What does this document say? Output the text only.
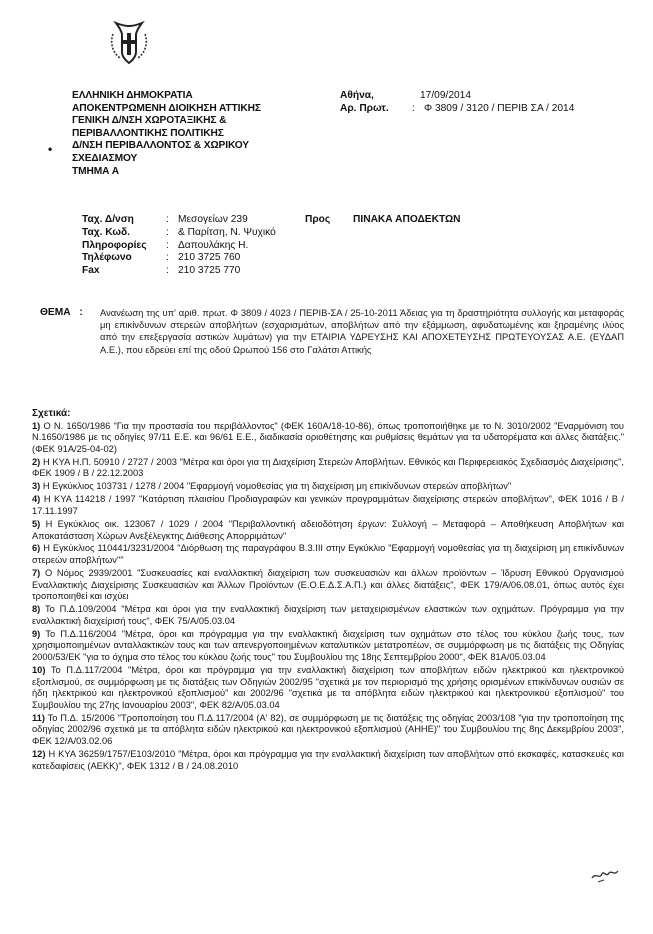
ΕΛΛΗΝΙΚΗ ΔΗΜΟΚΡΑΤΙΑ
ΑΠΟΚΕΝΤΡΩΜΕΝΗ ΔΙΟΙΚΗΣΗ ΑΤΤΙΚΗΣ
ΓΕΝΙΚΗ Δ/ΝΣΗ ΧΩΡΟΤΑΞΙΚΗΣ &
ΠΕΡΙΒΑΛΛΟΝΤΙΚΗΣ ΠΟΛΙΤΙΚΗΣ
Δ/ΝΣΗ ΠΕΡΙΒΑΛΛΟΝΤΟΣ & ΧΩΡΙΚΟΥ
ΣΧΕΔΙΑΣΜΟΥ
ΤΜΗΜΑ Α
•
Αθήνα,	17/09/2014
Αρ. Πρωτ.	: Φ 3809 / 3120 / ΠΕΡΙΒ ΣΑ / 2014
Ταχ. Δ/νση	: Μεσογείων 239
Ταχ. Κωδ.	: & Παρίτση, Ν. Ψυχικό
Πληροφορίες	: Δαπουλάκης Η.
Τηλέφωνο	: 210 3725 760
Fax	: 210 3725 770
Προς ΠΙΝΑΚΑ ΑΠΟΔΕΚΤΩΝ
ΘΕΜΑ : Ανανέωση της υπ' αριθ. πρωτ. Φ 3809 / 4023 / ΠΕΡΙΒ-ΣΑ / 25-10-2011 Άδειας για τη δραστηριότητα συλλογής και μεταφοράς μη επικίνδυνων στερεών αποβλήτων (εσχαρισμάτων, αποβλήτων από την εξάμμωση, αφυδατωμένης και ξηραμένης ιλύος από την επεξεργασία αστικών λυμάτων) για την ΕΤΑΙΡΙΑ ΥΔΡΕΥΣΗΣ ΚΑΙ ΑΠΟΧΕΤΕΥΣΗΣ ΠΡΩΤΕΥΟΥΣΑΣ Α.Ε. (ΕΥΔΑΠ Α.Ε.), που εδρεύει επί της οδού Ωρωπού 156 στο Γαλάτσι Αττικής
Σχετικά:
1) Ο Ν. 1650/1986 "Για την προστασία του περιβάλλοντος" (ΦΕΚ 160Α/18-10-86), όπως τροποποιήθηκε με το Ν. 3010/2002 "Εναρμόνιση του Ν.1650/1986 με τις οδηγίες 97/11 Ε.Ε. και 96/61 Ε.Ε., διαδικασία οριοθέτησης και ρυθμίσεις θεμάτων για τα υδατορέματα και άλλες διατάξεις." (ΦΕΚ 91Α/25-04-02)
2) Η ΚΥΑ Η.Π. 50910 / 2727 / 2003 "Μέτρα και όροι για τη Διαχείριση Στερεών Αποβλήτων. Εθνικός και Περιφερειακός Σχεδιασμός Διαχείρισης", ΦΕΚ 1909 / Β / 22.12.2003
3) Η Εγκύκλιος 103731 / 1278 / 2004 "Εφαρμογή νομοθεσίας για τη διαχείριση μη επικίνδυνων στερεών αποβλήτων"
4) Η ΚΥΑ 114218 / 1997 "Κατάρτιση πλαισίου Προδιαγραφών και γενικών προγραμμάτων διαχείρισης στερεών αποβλήτων", ΦΕΚ 1016 / Β / 17.11.1997
5) Η Εγκύκλιος οικ. 123067 / 1029 / 2004 "Περιβαλλοντική αδειοδότηση έργων: Συλλογή – Μεταφορά – Αποθήκευση Αποβλήτων και Αποκατάσταση Χώρων Ανεξέλεγκτης Διάθεσης Απορριμάτων"
6) Η Εγκύκλιος 110441/3231/2004 "Διόρθωση της παραγράφου Β.3.ΙΙΙ στην Εγκύκλιο "Εφαρμογή νομοθεσίας για τη διαχείριση μη επικίνδυνων στερεών αποβλήτων""
7) Ο Νόμος 2939/2001 "Συσκευασίες και εναλλακτική διαχείριση των συσκευασιών και άλλων προϊόντων – Ίδρυση Εθνικού Οργανισμού Εναλλακτικής Διαχείρισης Συσκευασιών και Άλλων Προϊόντων (Ε.Ο.Ε.Δ.Σ.Α.Π.) και άλλες διατάξεις", ΦΕΚ 179/Α/06.08.01, όπως αυτός έχει τροποποιηθεί και ισχύει
8) Το Π.Δ.109/2004 "Μέτρα και όροι για την εναλλακτική διαχείριση των μεταχειρισμένων ελαστικών των οχημάτων. Πρόγραμμα για την εναλλακτική διαχείρισή τους", ΦΕΚ 75/Α/05.03.04
9) Το Π.Δ.116/2004 "Μέτρα, όροι και πρόγραμμα για την εναλλακτική διαχείριση των οχημάτων στο τέλος του κύκλου ζωής τους, των χρησιμοποιημένων ανταλλακτικών τους και των απενεργοποιημένων καταλυτικών μετατροπέων, σε συμμόρφωση με τις διατάξεις της Οδηγίας 2000/53/ΕΚ "για το όχημα στο τέλος του κύκλου ζωής τους" του Συμβουλίου της 18ης Σεπτεμβρίου 2000", ΦΕΚ 81Α/05.03.04
10) Το Π.Δ.117/2004 "Μέτρα, όροι και πρόγραμμα για την εναλλακτική διαχείριση των αποβλήτων ειδών ηλεκτρικού και ηλεκτρονικού εξοπλισμού, σε συμμόρφωση με τις διατάξεις των Οδηγιών 2002/95 "σχετικά με τον περιορισμό της χρήσης ορισμένων επικίνδυνων ουσιών σε ήδη ηλεκτρικού και ηλεκτρονικού εξοπλισμού" και 2002/96 "σχετικά με τα απόβλητα ειδών ηλεκτρικού και ηλεκτρονικού εξοπλισμού" του Συμβουλίου της 27ης Ιανουαρίου 2003", ΦΕΚ 82/Α/05.03.04
11) Το Π.Δ. 15/2006 "Τροποποίηση του Π.Δ.117/2004 (Α' 82), σε συμμόρφωση με τις διατάξεις της οδηγίας 2003/108 "για την τροποποίηση της οδηγίας 2002/96 σχετικά με τα απόβλητα ειδών ηλεκτρικού και ηλεκτρονικού εξοπλισμού (ΑΗΗΕ)" του Συμβουλίου της 8ης Δεκεμβρίου 2003", ΦΕΚ 12/Α/03.02.06
12) Η ΚΥΑ 36259/1757/Ε103/2010 "Μέτρα, όροι και πρόγραμμα για την εναλλακτική διαχείριση των αποβλήτων από εκσκαφές, κατασκευές και κατεδαφίσεις (ΑΕΚΚ)", ΦΕΚ 1312 / Β / 24.08.2010
